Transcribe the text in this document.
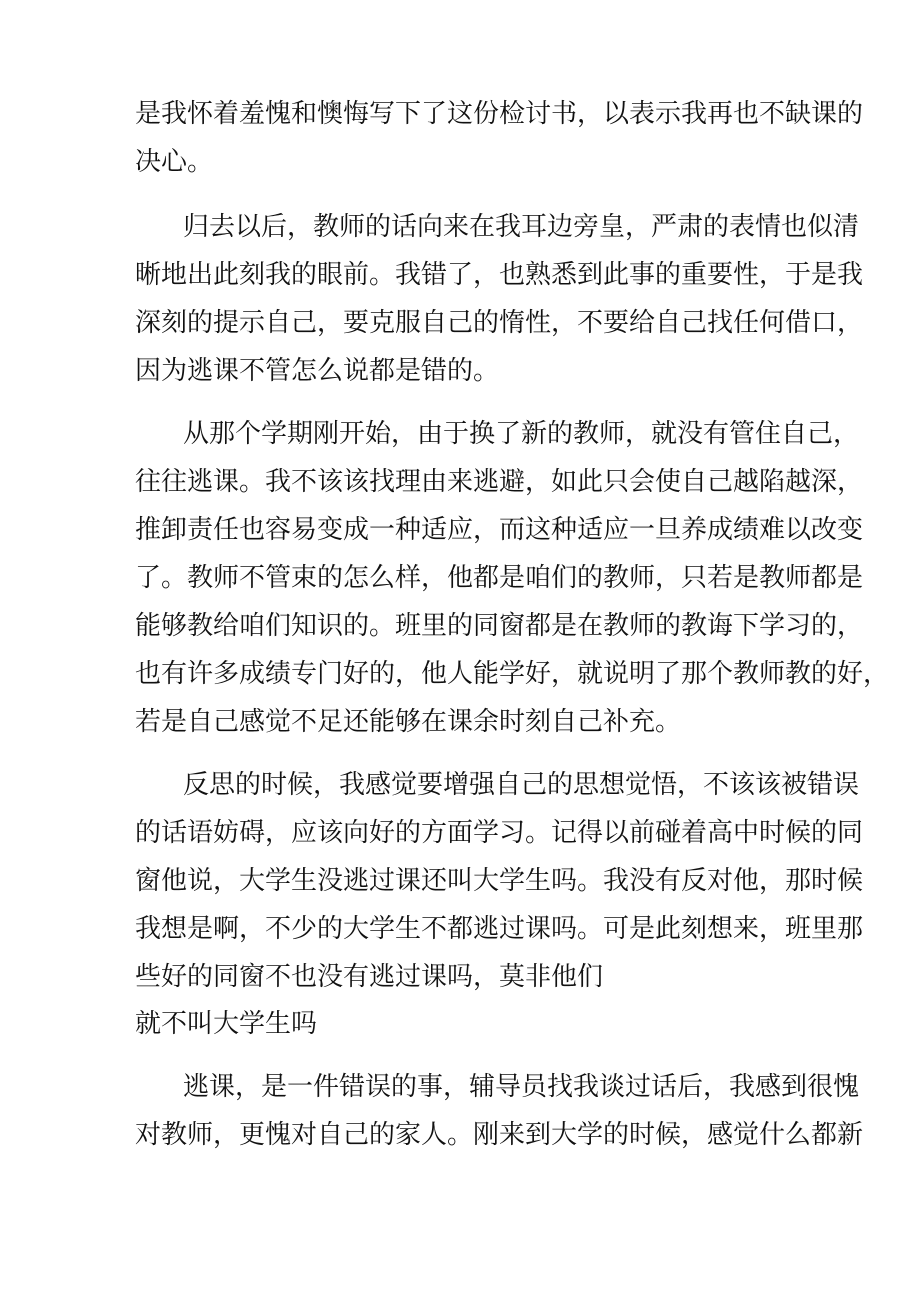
是我怀着羞愧和懊悔写下了这份检讨书，以表示我再也不缺课的
决心。
归去以后，教师的话向来在我耳边旁皇，严肃的表情也似清
晰地出此刻我的眼前。我错了，也熟悉到此事的重要性，于是我
深刻的提示自己，要克服自己的惰性，不要给自己找任何借口，
因为逃课不管怎么说都是错的。
从那个学期刚开始，由于换了新的教师，就没有管住自己，
往往逃课。我不该该找理由来逃避，如此只会使自己越陷越深，
推卸责任也容易变成一种适应，而这种适应一旦养成绩难以改变
了。教师不管束的怎么样，他都是咱们的教师，只若是教师都是
能够教给咱们知识的。班里的同窗都是在教师的教诲下学习的，
也有许多成绩专门好的，他人能学好，就说明了那个教师教的好，
若是自己感觉不足还能够在课余时刻自己补充。
反思的时候，我感觉要增强自己的思想觉悟，不该该被错误
的话语妨碍，应该向好的方面学习。记得以前碰着高中时候的同
窗他说，大学生没逃过课还叫大学生吗。我没有反对他，那时候
我想是啊，不少的大学生不都逃过课吗。可是此刻想来，班里那
些好的同窗不也没有逃过课吗，莫非他们
就不叫大学生吗
逃课，是一件错误的事，辅导员找我谈过话后，我感到很愧
对教师，更愧对自己的家人。刚来到大学的时候，感觉什么都新
